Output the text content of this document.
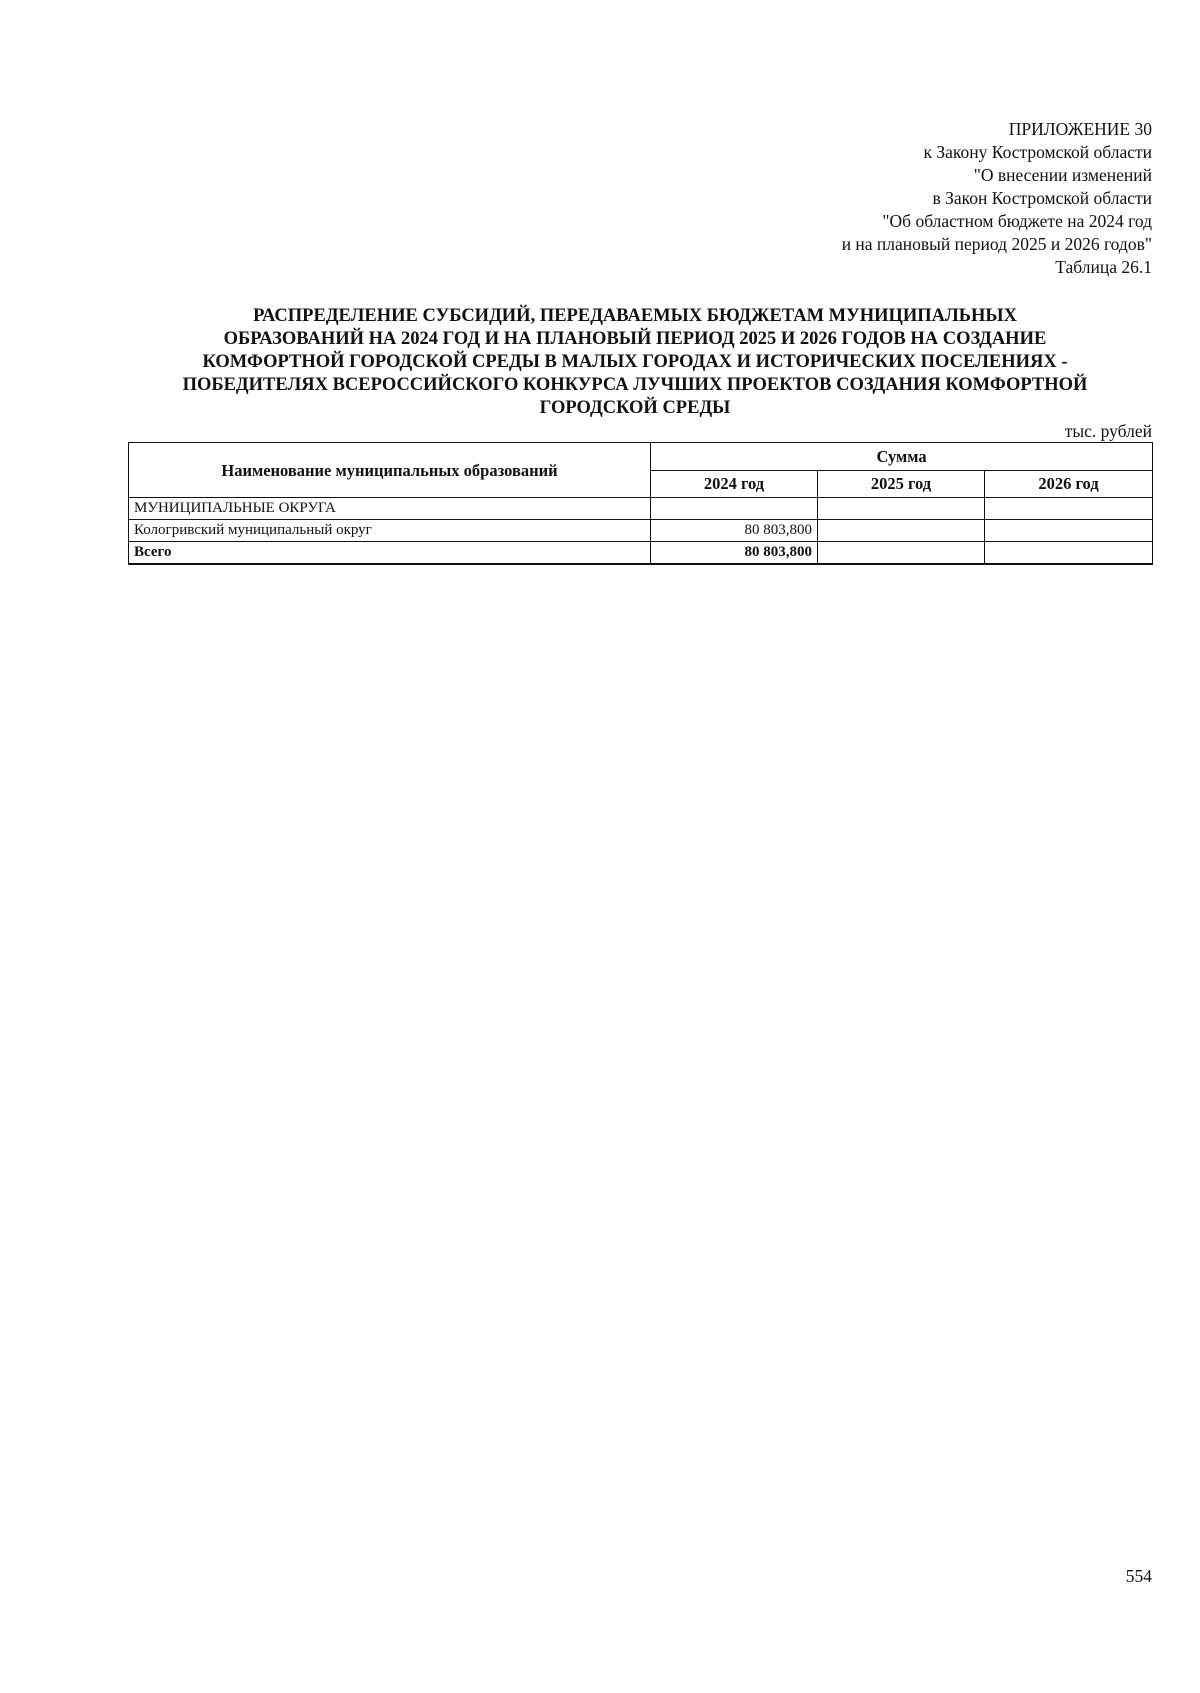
ПРИЛОЖЕНИЕ 30
к Закону Костромской области
"О внесении изменений
в Закон Костромской области
"Об областном бюджете на 2024 год
и на плановый период 2025 и 2026 годов"
Таблица 26.1
РАСПРЕДЕЛЕНИЕ СУБСИДИЙ, ПЕРЕДАВАЕМЫХ БЮДЖЕТАМ МУНИЦИПАЛЬНЫХ
ОБРАЗОВАНИЙ НА 2024 ГОД И НА ПЛАНОВЫЙ ПЕРИОД 2025 И 2026 ГОДОВ НА СОЗДАНИЕ
КОМФОРТНОЙ ГОРОДСКОЙ СРЕДЫ В МАЛЫХ ГОРОДАХ И ИСТОРИЧЕСКИХ ПОСЕЛЕНИЯХ -
ПОБЕДИТЕЛЯХ ВСЕРОССИЙСКОГО КОНКУРСА ЛУЧШИХ ПРОЕКТОВ СОЗДАНИЯ КОМФОРТНОЙ
ГОРОДСКОЙ СРЕДЫ
тыс. рублей
Наименование муниципальных образований	Сумма		
	2024 год	2025 год	2026 год
МУНИЦИПАЛЬНЫЕ ОКРУГА			
Кологривский муниципальный округ	80 803,800		
Всего	80 803,800		
554
